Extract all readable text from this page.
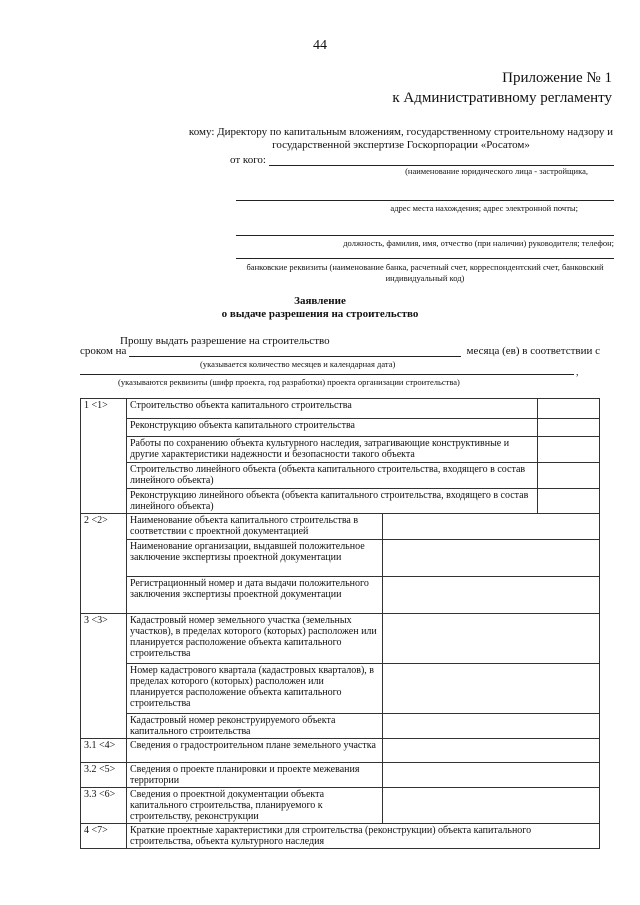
44
Приложение № 1
к Административному регламенту
кому: Директору по капитальным вложениям, государственному строительному надзору и государственной экспертизе Госкорпорации «Росатом»
от кого:
(наименование юридического лица - застройщика,
адрес места нахождения; адрес электронной почты;
должность, фамилия, имя, отчество (при наличии) руководителя; телефон;
банковские реквизиты (наименование банка, расчетный счет, корреспондентский счет, банковский индивидуальный код)
Заявление
о выдаче разрешения на строительство
Прошу выдать разрешение на строительство
сроком на	месяца (ев) в соответствии с
(указывается количество месяцев и календарная дата)
,
(указываются реквизиты (шифр проекта, год разработки) проекта организации строительства)
1 <1>	Строительство объекта капитального строительства		
	Реконструкцию объекта капитального строительства		
	Работы по сохранению объекта культурного наследия, затрагивающие конструктивные и другие характеристики надежности и безопасности такого объекта		
	Строительство линейного объекта (объекта капитального строительства, входящего в состав линейного объекта)		
	Реконструкцию линейного объекта (объекта капитального строительства, входящего в состав линейного объекта)		
2 <2>	Наименование объекта капитального строительства в соответствии с проектной документацией		
	Наименование организации, выдавшей положительное заключение экспертизы проектной документации		
	Регистрационный номер и дата выдачи положительного заключения экспертизы проектной документации		
3 <3>	Кадастровый номер земельного участка (земельных участков), в пределах которого (которых) расположен или планируется расположение объекта капитального строительства		
	Номер кадастрового квартала (кадастровых кварталов), в пределах которого (которых) расположен или планируется расположение объекта капитального строительства		
	Кадастровый номер реконструируемого объекта капитального строительства		
3.1 <4>	Сведения о градостроительном плане земельного участка		
3.2 <5>	Сведения о проекте планировки и проекте межевания территории		
3.3 <6>	Сведения о проектной документации объекта капитального строительства, планируемого к строительству, реконструкции		
4 <7>	Краткие проектные характеристики для строительства (реконструкции) объекта капитального строительства, объекта культурного наследия		
